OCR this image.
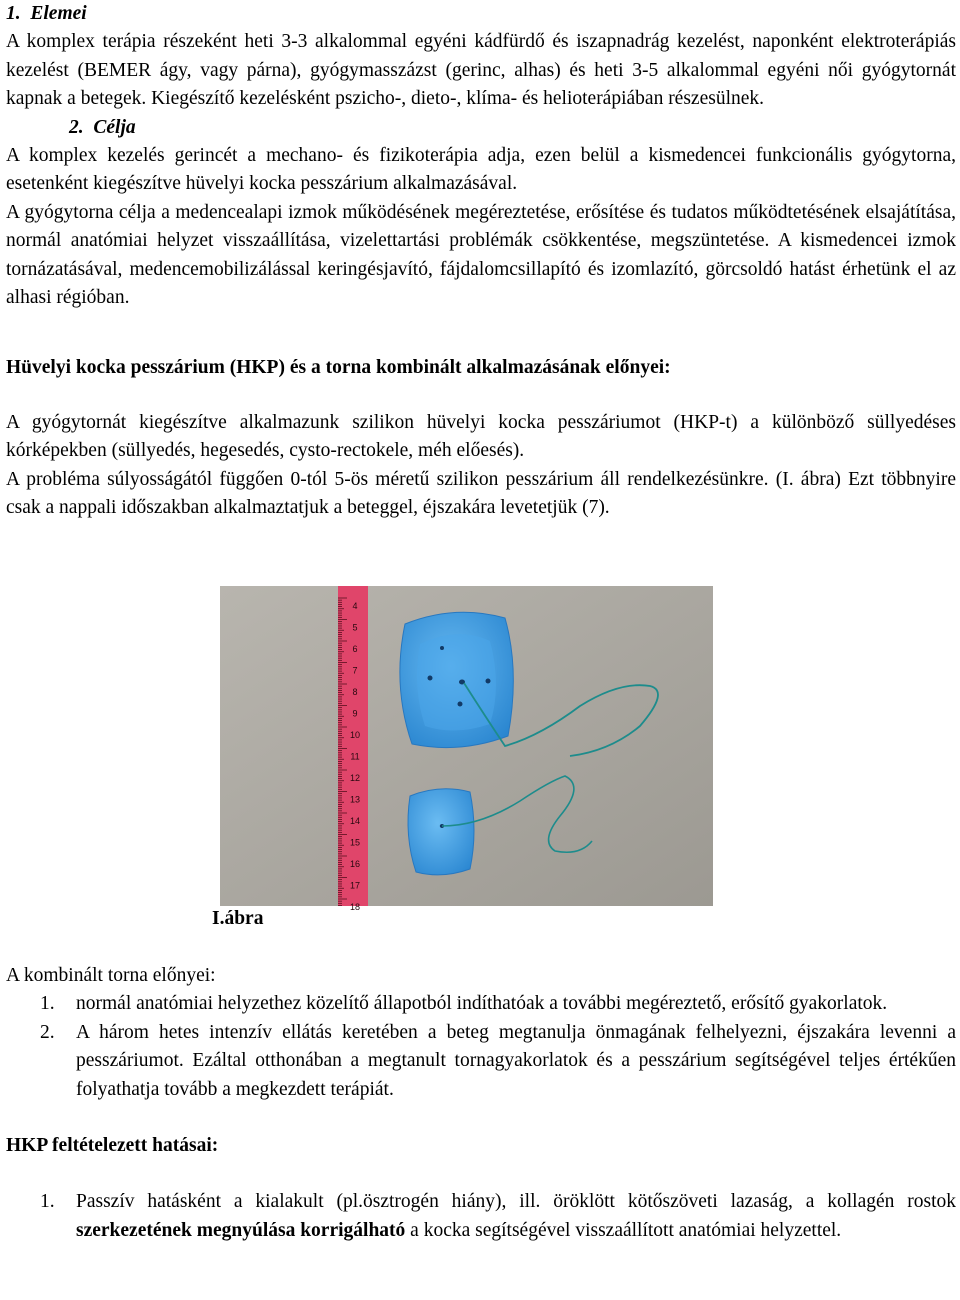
1.  Elemei

A komplex terápia részeként heti 3-3 alkalommal egyéni kádfürdő és iszapnadrág kezelést, naponként elektroterápiás kezelést (BEMER ágy, vagy párna), gyógymasszázst (gerinc, alhas) és heti 3-5 alkalommal egyéni női gyógytornát kapnak a betegek. Kiegészítő kezelésként pszicho-, dieto-, klíma- és helioterápiában részesülnek.

2.  Célja

A komplex kezelés gerincét a mechano- és fizikoterápia adja, ezen belül a kismedencei funkcionális gyógytorna, esetenként kiegészítve hüvelyi kocka pesszárium alkalmazásával.

A gyógytorna célja a medencealapi izmok működésének megéreztetése, erősítése és tudatos működtetésének elsajátítása, normál anatómiai helyzet visszaállítása, vizelettartási problémák csökkentése, megszüntetése. A kismedencei izmok tornázatásával, medencemobilizálással keringésjavító, fájdalomcsillapító és izomlazító, görcsoldó hatást érhetünk el az alhasi régióban.

Hüvelyi kocka pesszárium (HKP) és a torna kombinált alkalmazásának előnyei:

A gyógytornát kiegészítve alkalmazunk szilikon hüvelyi kocka pesszáriumot (HKP-t) a különböző süllyedéses kórképekben (süllyedés, hegesedés, cysto-rectokele, méh előesés).

A probléma súlyosságától függően 0-tól 5-ös méretű szilikon pesszárium áll rendelkezésünkre. (I. ábra) Ezt többnyire csak a nappali időszakban alkalmaztatjuk a beteggel, éjszakára levetetjük (7).

4
5
6
7
8
9
10
11
12
13
14
15
16
17
18
I.ábra

A kombinált torna előnyei:

1. normál anatómiai helyzethez közelítő állapotból indíthatóak a további megéreztető, erősítő gyakorlatok.
2. A három hetes intenzív ellátás keretében a beteg megtanulja önmagának felhelyezni, éjszakára levenni a pesszáriumot. Ezáltal otthonában a megtanult tornagyakorlatok és a pesszárium segítségével teljes értékűen folyathatja tovább a megkezdett terápiát.

HKP feltételezett hatásai:

1. Passzív hatásként a kialakult (pl.ösztrogén hiány), ill. öröklött kötőszöveti lazaság, a kollagén rostok szerkezetének megnyúlása korrigálható a kocka segítségével visszaállított anatómiai helyzettel.
